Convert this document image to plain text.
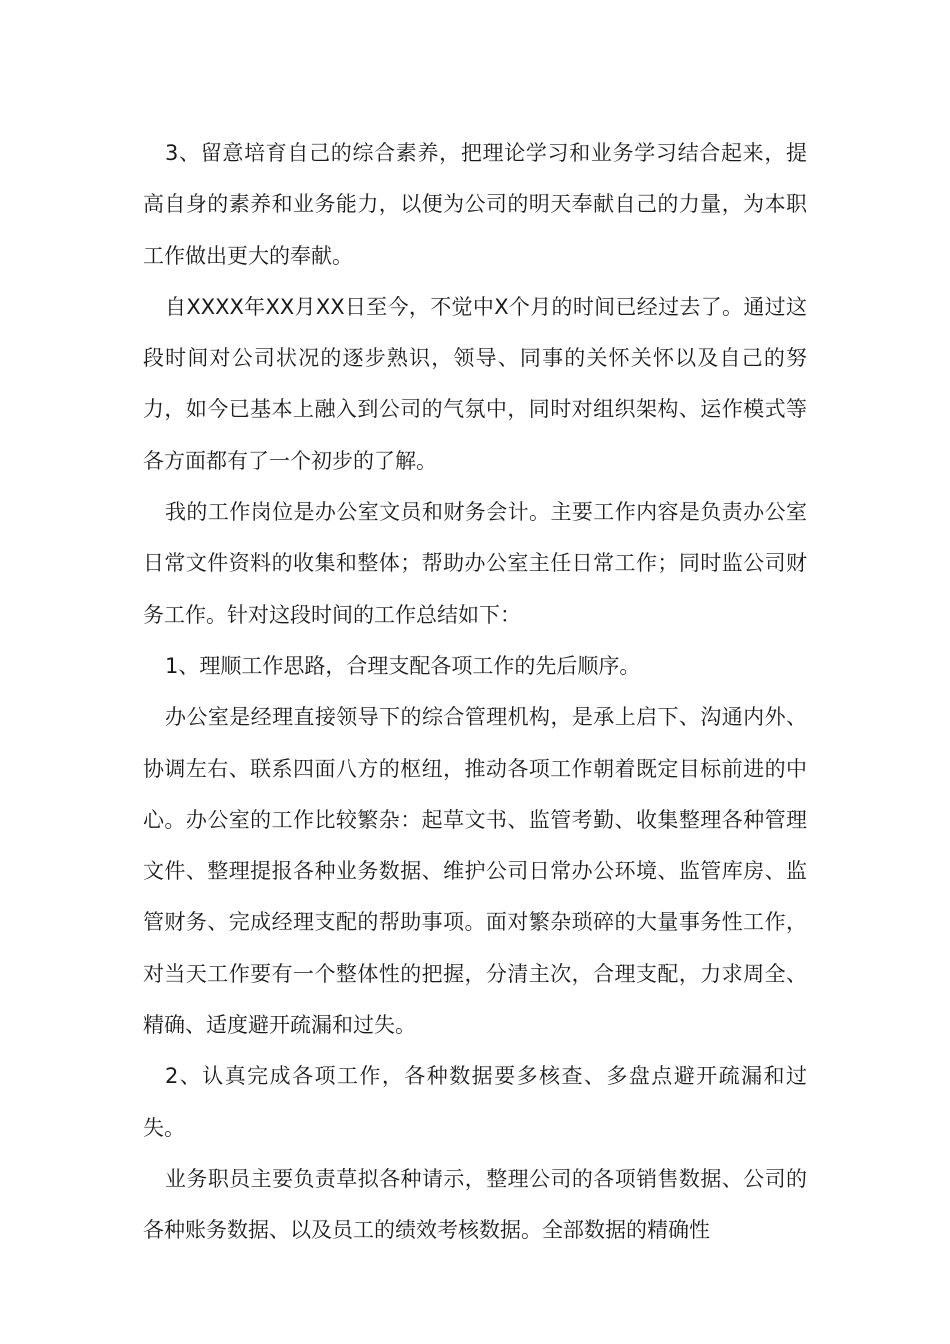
3、留意培育自己的综合素养，把理论学习和业务学习结合起来，提高自身的素养和业务能力，以便为公司的明天奉献自己的力量，为本职工作做出更大的奉献。

自XXXX年XX月XX日至今，不觉中X个月的时间已经过去了。通过这段时间对公司状况的逐步熟识，领导、同事的关怀关怀以及自己的努力，如今已基本上融入到公司的气氛中，同时对组织架构、运作模式等各方面都有了一个初步的了解。

我的工作岗位是办公室文员和财务会计。主要工作内容是负责办公室日常文件资料的收集和整体；帮助办公室主任日常工作；同时监公司财务工作。针对这段时间的工作总结如下：

1、理顺工作思路，合理支配各项工作的先后顺序。

办公室是经理直接领导下的综合管理机构，是承上启下、沟通内外、协调左右、联系四面八方的枢纽，推动各项工作朝着既定目标前进的中心。办公室的工作比较繁杂：起草文书、监管考勤、收集整理各种管理文件、整理提报各种业务数据、维护公司日常办公环境、监管库房、监管财务、完成经理支配的帮助事项。面对繁杂琐碎的大量事务性工作，对当天工作要有一个整体性的把握，分清主次，合理支配，力求周全、精确、适度避开疏漏和过失。

2、认真完成各项工作，各种数据要多核查、多盘点避开疏漏和过失。

业务职员主要负责草拟各种请示，整理公司的各项销售数据、公司的各种账务数据、以及员工的绩效考核数据。全部数据的精确性
